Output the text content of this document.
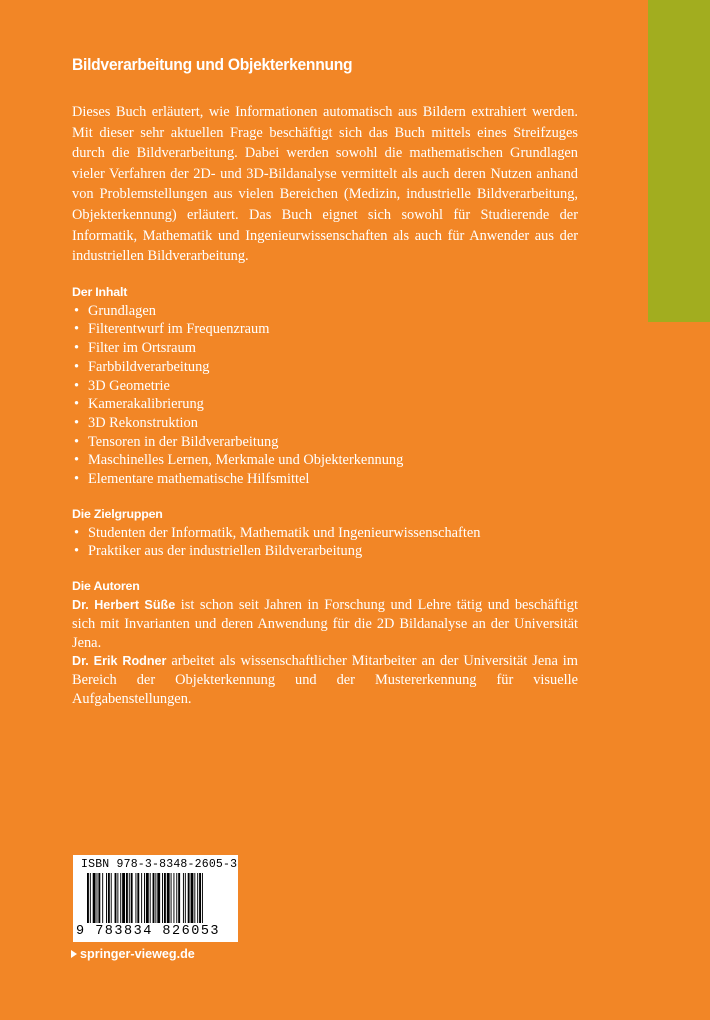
Bildverarbeitung und Objekterkennung

Dieses Buch erläutert, wie Informationen automatisch aus Bildern extrahiert werden. Mit dieser sehr aktuellen Frage beschäftigt sich das Buch mittels eines Streifzuges durch die Bildverarbeitung. Dabei werden sowohl die mathematischen Grundlagen vieler Verfahren der 2D- und 3D-Bildanalyse vermittelt als auch deren Nutzen anhand von Problemstellungen aus vielen Bereichen (Medizin, industrielle Bildverarbeitung, Objekterkennung) erläutert. Das Buch eignet sich sowohl für Studierende der Informatik, Mathematik und Ingenieurwissenschaften als auch für Anwender aus der industriellen Bildverarbeitung.

Der Inhalt
• Grundlagen
• Filterentwurf im Frequenzraum
• Filter im Ortsraum
• Farbbildverarbeitung
• 3D Geometrie
• Kamerakalibrierung
• 3D Rekonstruktion
• Tensoren in der Bildverarbeitung
• Maschinelles Lernen, Merkmale und Objekterkennung
• Elementare mathematische Hilfsmittel
Die Zielgruppen
• Studenten der Informatik, Mathematik und Ingenieurwissenschaften
• Praktiker aus der industriellen Bildverarbeitung
Die Autoren

Dr. Herbert Süße ist schon seit Jahren in Forschung und Lehre tätig und beschäftigt sich mit Invarianten und deren Anwendung für die 2D Bildanalyse an der Universität Jena.

Dr. Erik Rodner arbeitet als wissenschaftlicher Mitarbeiter an der Universität Jena im Bereich der Objekterkennung und der Mustererkennung für visuelle Aufgabenstellungen.

ISBN 978-3-8348-2605-3
9 783834 826053
springer-vieweg.de
